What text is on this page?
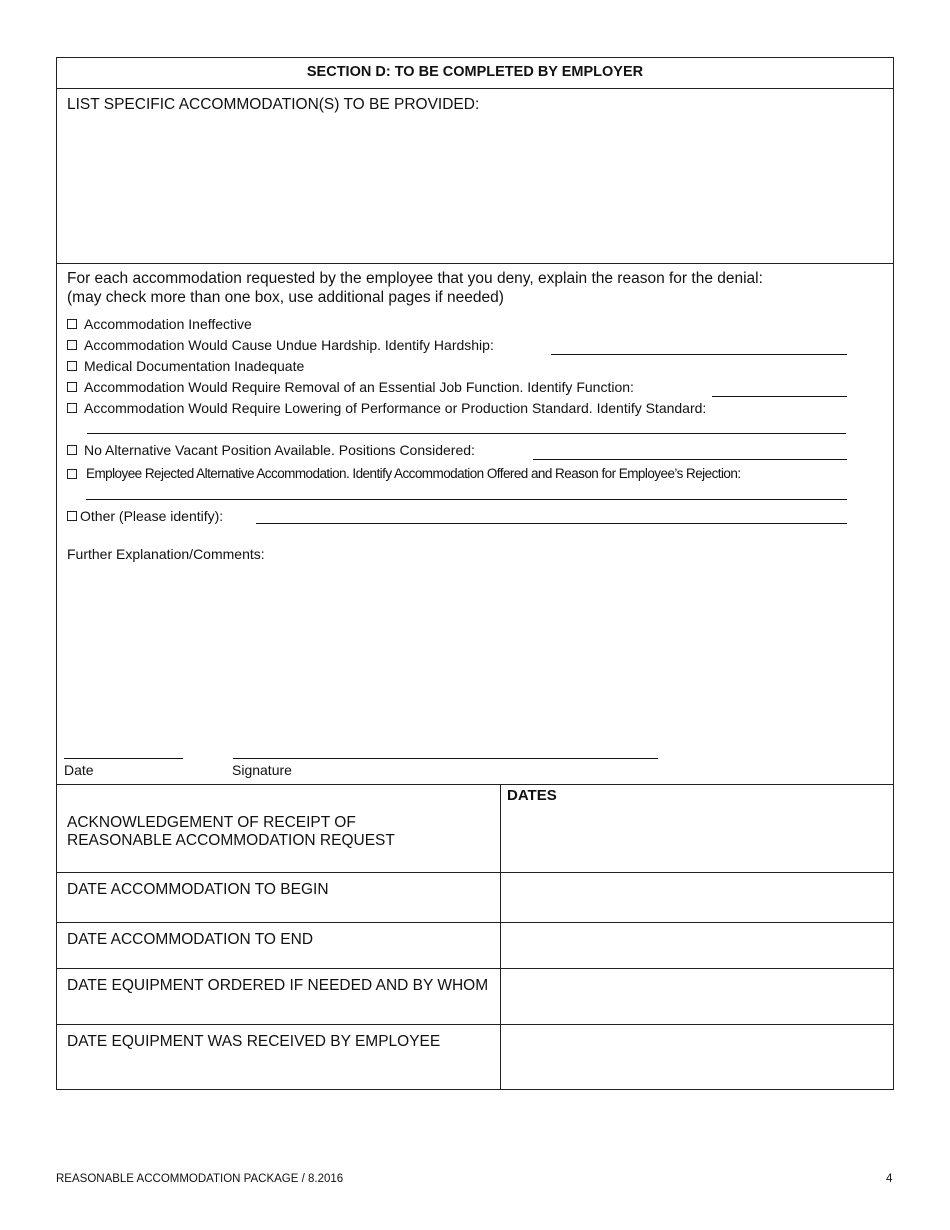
SECTION D: TO BE COMPLETED BY EMPLOYER
LIST SPECIFIC ACCOMMODATION(S) TO BE PROVIDED:
For each accommodation requested by the employee that you deny, explain the reason for the denial:
(may check more than one box, use additional pages if needed)
Accommodation Ineffective
Accommodation Would Cause Undue Hardship. Identify Hardship:
Medical Documentation Inadequate
Accommodation Would Require Removal of an Essential Job Function. Identify Function:
Accommodation Would Require Lowering of Performance or Production Standard. Identify Standard:
No Alternative Vacant Position Available. Positions Considered:
Employee Rejected Alternative Accommodation. Identify Accommodation Offered and Reason for Employee’s Rejection:
Other (Please identify):
Further Explanation/Comments:
Date	Signature
DATES
ACKNOWLEDGEMENT OF RECEIPT OF
REASONABLE ACCOMMODATION REQUEST
DATE ACCOMMODATION TO BEGIN
DATE ACCOMMODATION TO END
DATE EQUIPMENT ORDERED IF NEEDED AND BY WHOM
DATE EQUIPMENT WAS RECEIVED BY EMPLOYEE
REASONABLE ACCOMMODATION PACKAGE / 8.2016	4
